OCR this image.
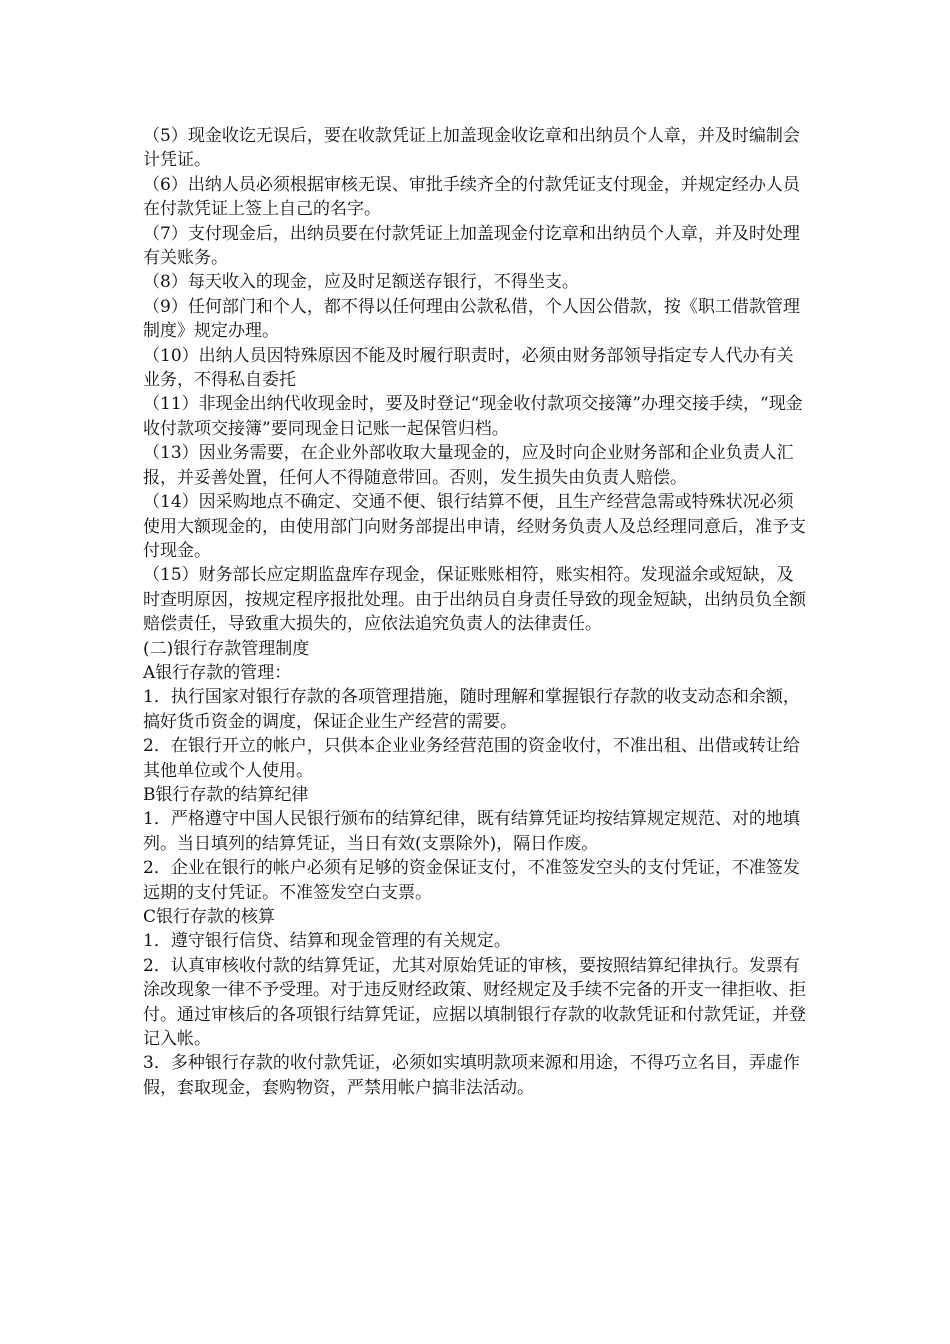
（5）现金收讫无误后，要在收款凭证上加盖现金收讫章和出纳员个人章，并及时编制会计凭证。

（6）出纳人员必须根据审核无误、审批手续齐全的付款凭证支付现金，并规定经办人员在付款凭证上签上自己的名字。

（7）支付现金后，出纳员要在付款凭证上加盖现金付讫章和出纳员个人章，并及时处理有关账务。

（8）每天收入的现金，应及时足额送存银行，不得坐支。

（9）任何部门和个人，都不得以任何理由公款私借，个人因公借款，按《职工借款管理制度》规定办理。

（10）出纳人员因特殊原因不能及时履行职责时，必须由财务部领导指定专人代办有关业务，不得私自委托

（11）非现金出纳代收现金时，要及时登记“现金收付款项交接簿”办理交接手续，“现金收付款项交接簿”要同现金日记账一起保管归档。

（13）因业务需要，在企业外部收取大量现金的，应及时向企业财务部和企业负责人汇报，并妥善处置，任何人不得随意带回。否则，发生损失由负责人赔偿。

（14）因采购地点不确定、交通不便、银行结算不便，且生产经营急需或特殊状况必须使用大额现金的，由使用部门向财务部提出申请，经财务负责人及总经理同意后，准予支付现金。

（15）财务部长应定期监盘库存现金，保证账账相符，账实相符。发现溢余或短缺，及时查明原因，按规定程序报批处理。由于出纳员自身责任导致的现金短缺，出纳员负全额赔偿责任，导致重大损失的，应依法追究负责人的法律责任。

(二)银行存款管理制度

A银行存款的管理：

1．执行国家对银行存款的各项管理措施，随时理解和掌握银行存款的收支动态和余额，搞好货币资金的调度，保证企业生产经营的需要。

2．在银行开立的帐户，只供本企业业务经营范围的资金收付，不准出租、出借或转让给其他单位或个人使用。

B银行存款的结算纪律

1．严格遵守中国人民银行颁布的结算纪律，既有结算凭证均按结算规定规范、对的地填列。当日填列的结算凭证，当日有效(支票除外)，隔日作废。

2．企业在银行的帐户必须有足够的资金保证支付，不准签发空头的支付凭证，不准签发远期的支付凭证。不准签发空白支票。

C银行存款的核算

1．遵守银行信贷、结算和现金管理的有关规定。

2．认真审核收付款的结算凭证，尤其对原始凭证的审核，要按照结算纪律执行。发票有涂改现象一律不予受理。对于违反财经政策、财经规定及手续不完备的开支一律拒收、拒付。通过审核后的各项银行结算凭证，应据以填制银行存款的收款凭证和付款凭证，并登记入帐。

3．多种银行存款的收付款凭证，必须如实填明款项来源和用途，不得巧立名目，弄虚作假，套取现金，套购物资，严禁用帐户搞非法活动。
